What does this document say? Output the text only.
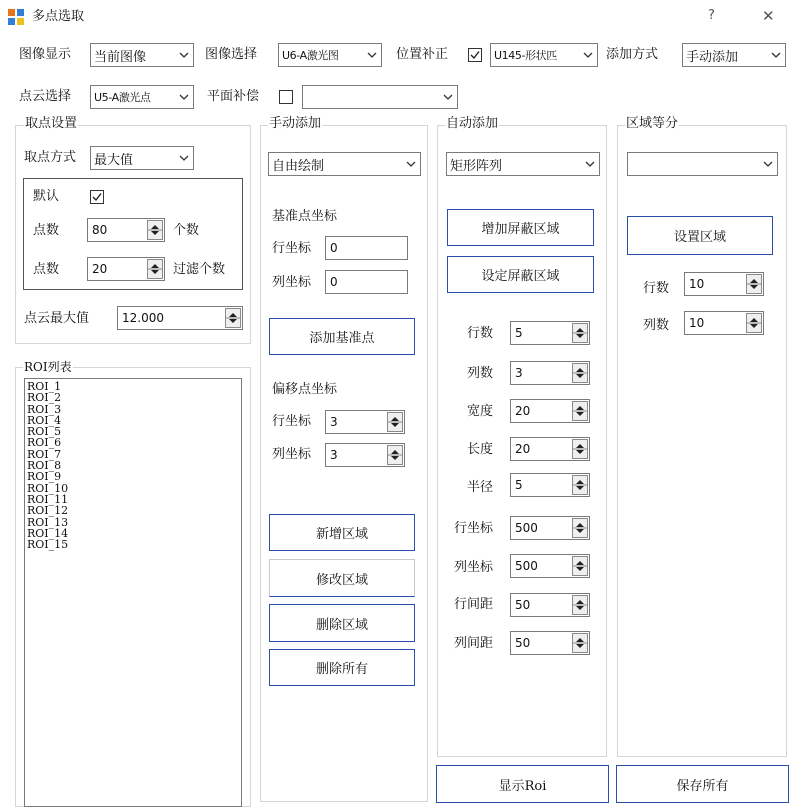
多点选取	?	✕
图像显示 当前图像	图像选择 U6-A激光图	位置补正	U145-形状匹	添加方式 手动添加
点云选择 U5-A激光点	平面补偿
取点设置
取点方式 最大值
默认
点数	80	个数
点数	20	过滤个数
点云最大值	12.000
ROI列表
ROI_1
ROI_2
ROI_3
ROI_4
ROI_5
ROI_6
ROI_7
ROI_8
ROI_9
ROI_10
ROI_11
ROI_12
ROI_13
ROI_14
ROI_15
手动添加
自由绘制
基准点坐标
行坐标	0
列坐标	0
添加基准点
偏移点坐标
行坐标 3
列坐标 3
新增区域
修改区域
删除区域
删除所有
自动添加
矩形阵列
增加屏蔽区域
设定屏蔽区域
行数 5
列数 3
宽度 20
长度 20
半径 5
行坐标 500
列坐标 500
行间距 50
列间距 50
显示Roi
区域等分
设置区域
行数 10
列数 10
保存所有
